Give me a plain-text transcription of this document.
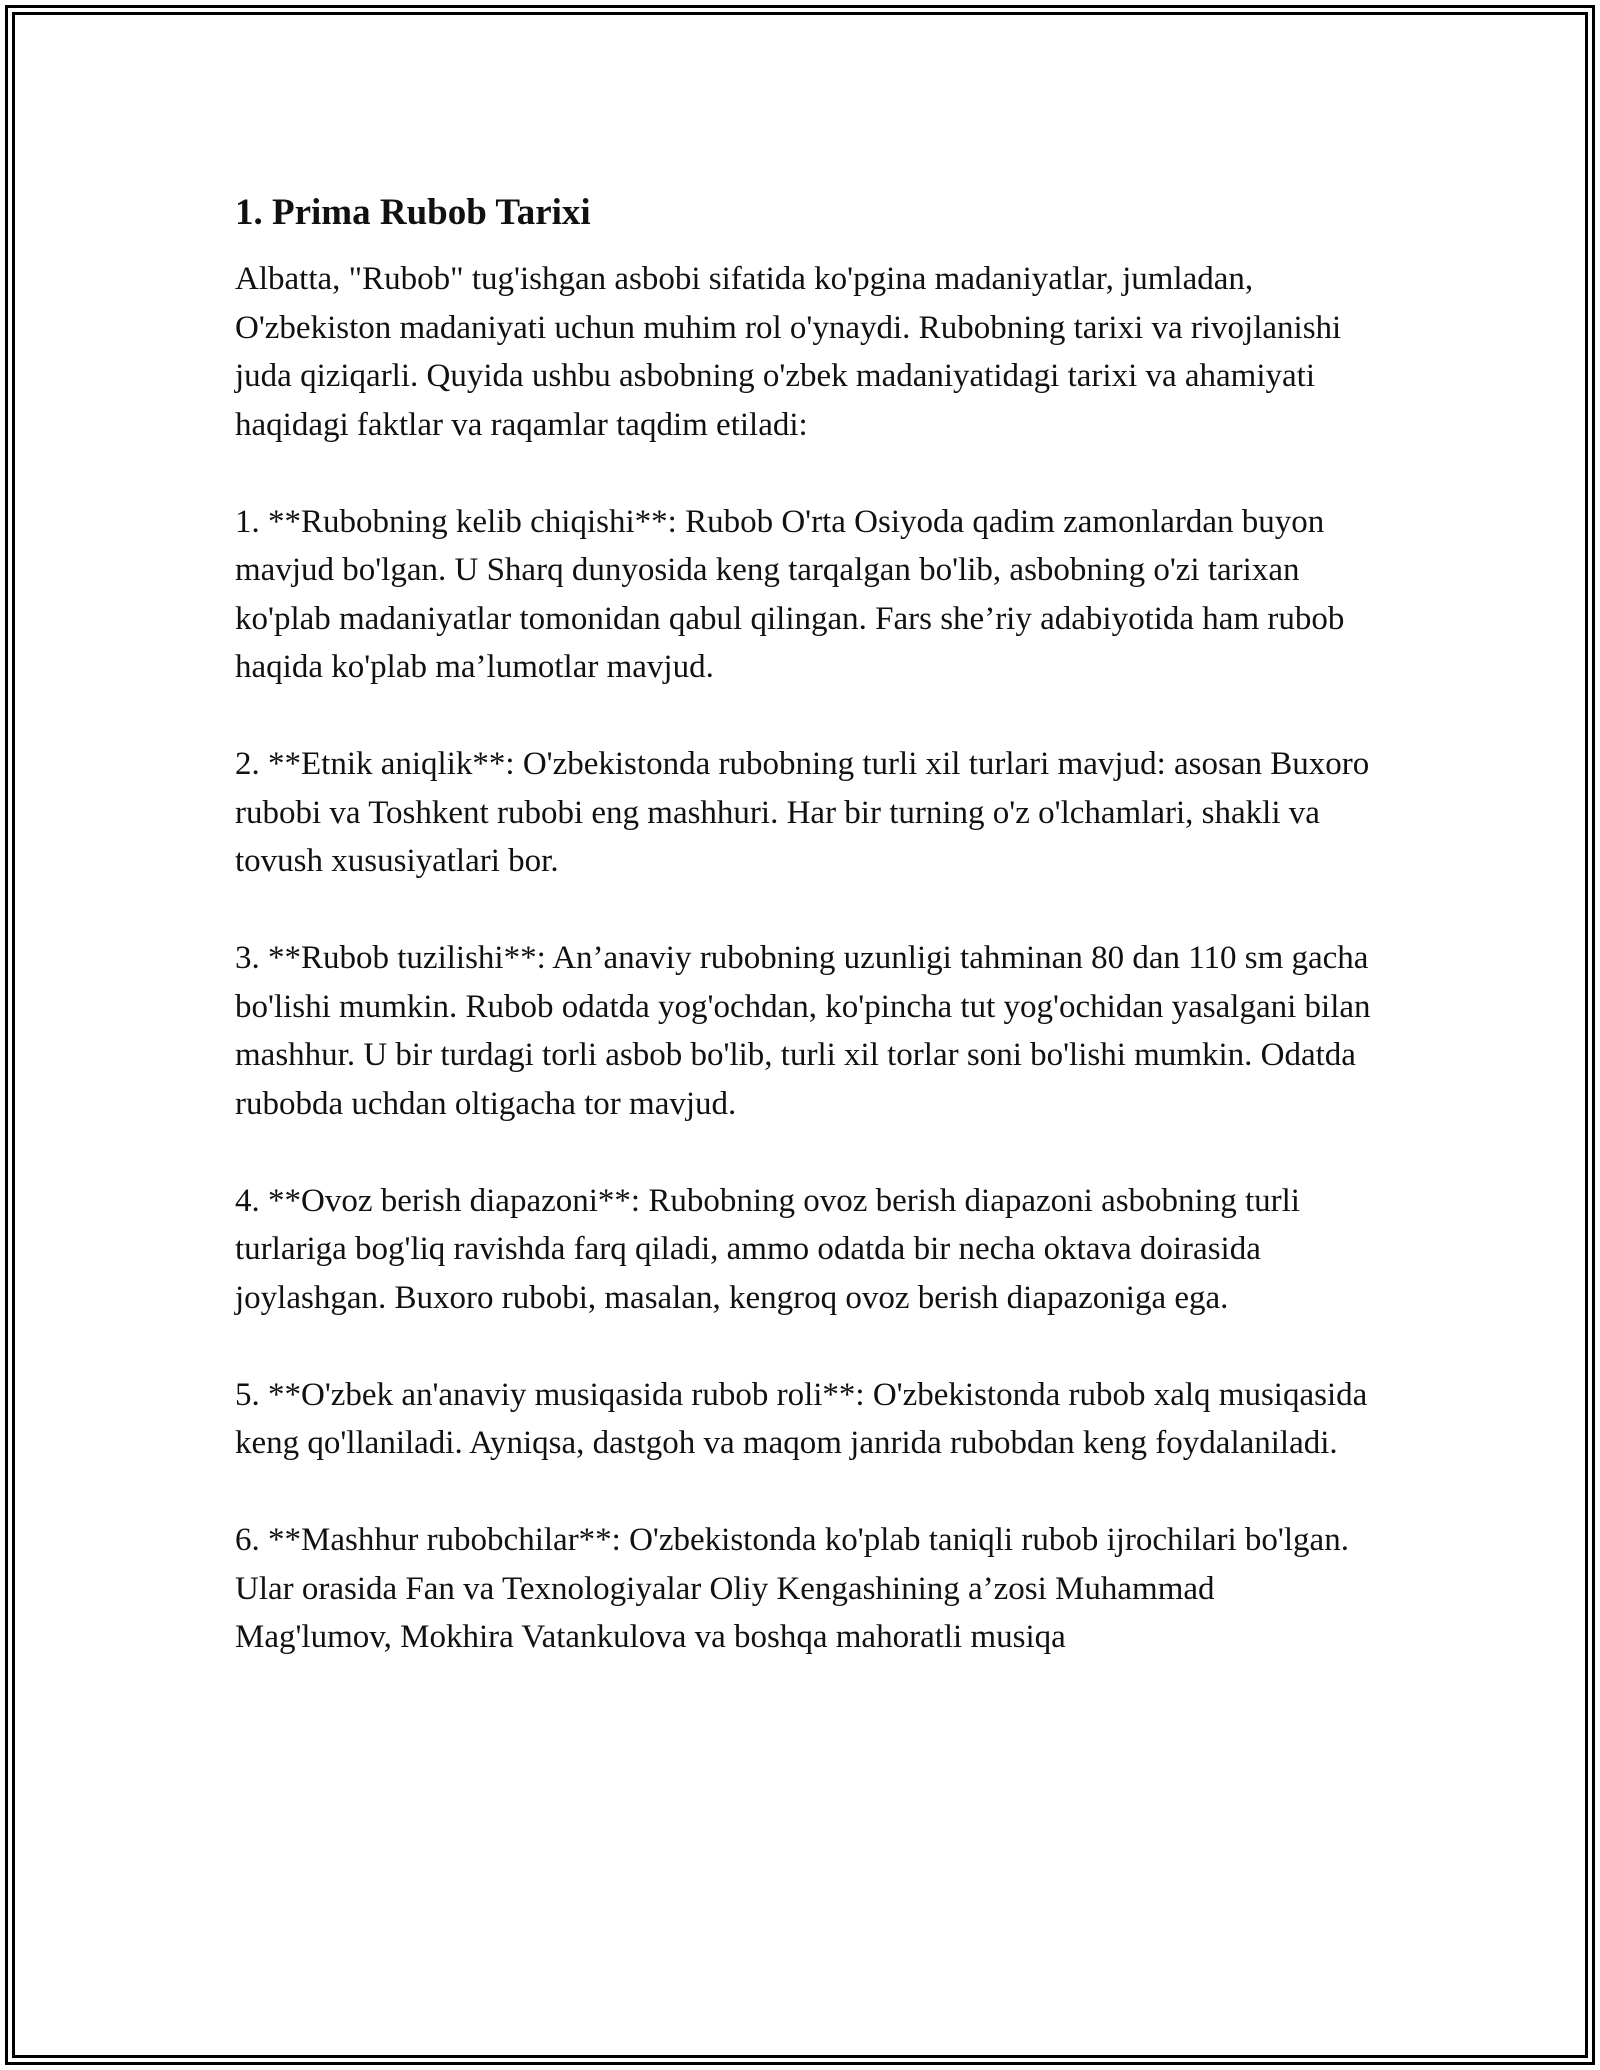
1. Prima Rubob Tarixi

Albatta, "Rubob" tug'ishgan asbobi sifatida ko'pgina madaniyatlar, jumladan, O'zbekiston madaniyati uchun muhim rol o'ynaydi. Rubobning tarixi va rivojlanishi juda qiziqarli. Quyida ushbu asbobning o'zbek madaniyatidagi tarixi va ahamiyati haqidagi faktlar va raqamlar taqdim etiladi:

1. **Rubobning kelib chiqishi**: Rubob O'rta Osiyoda qadim zamonlardan buyon mavjud bo'lgan. U Sharq dunyosida keng tarqalgan bo'lib, asbobning o'zi tarixan ko'plab madaniyatlar tomonidan qabul qilingan. Fars she’riy adabiyotida ham rubob haqida ko'plab ma’lumotlar mavjud.

2. **Etnik aniqlik**: O'zbekistonda rubobning turli xil turlari mavjud: asosan Buxoro rubobi va Toshkent rubobi eng mashhuri. Har bir turning o'z o'lchamlari, shakli va tovush xususiyatlari bor.

3. **Rubob tuzilishi**: An’anaviy rubobning uzunligi tahminan 80 dan 110 sm gacha bo'lishi mumkin. Rubob odatda yog'ochdan, ko'pincha tut yog'ochidan yasalgani bilan mashhur. U bir turdagi torli asbob bo'lib, turli xil torlar soni bo'lishi mumkin. Odatda rubobda uchdan oltigacha tor mavjud.

4. **Ovoz berish diapazoni**: Rubobning ovoz berish diapazoni asbobning turli turlariga bog'liq ravishda farq qiladi, ammo odatda bir necha oktava doirasida joylashgan. Buxoro rubobi, masalan, kengroq ovoz berish diapazoniga ega.

5. **O'zbek an'anaviy musiqasida rubob roli**: O'zbekistonda rubob xalq musiqasida keng qo'llaniladi. Ayniqsa, dastgoh va maqom janrida rubobdan keng foydalaniladi.

6. **Mashhur rubobchilar**: O'zbekistonda ko'plab taniqli rubob ijrochilari bo'lgan. Ular orasida Fan va Texnologiyalar Oliy Kengashining a’zosi Muhammad Mag'lumov, Mokhira Vatankulova va boshqa mahoratli musiqa
